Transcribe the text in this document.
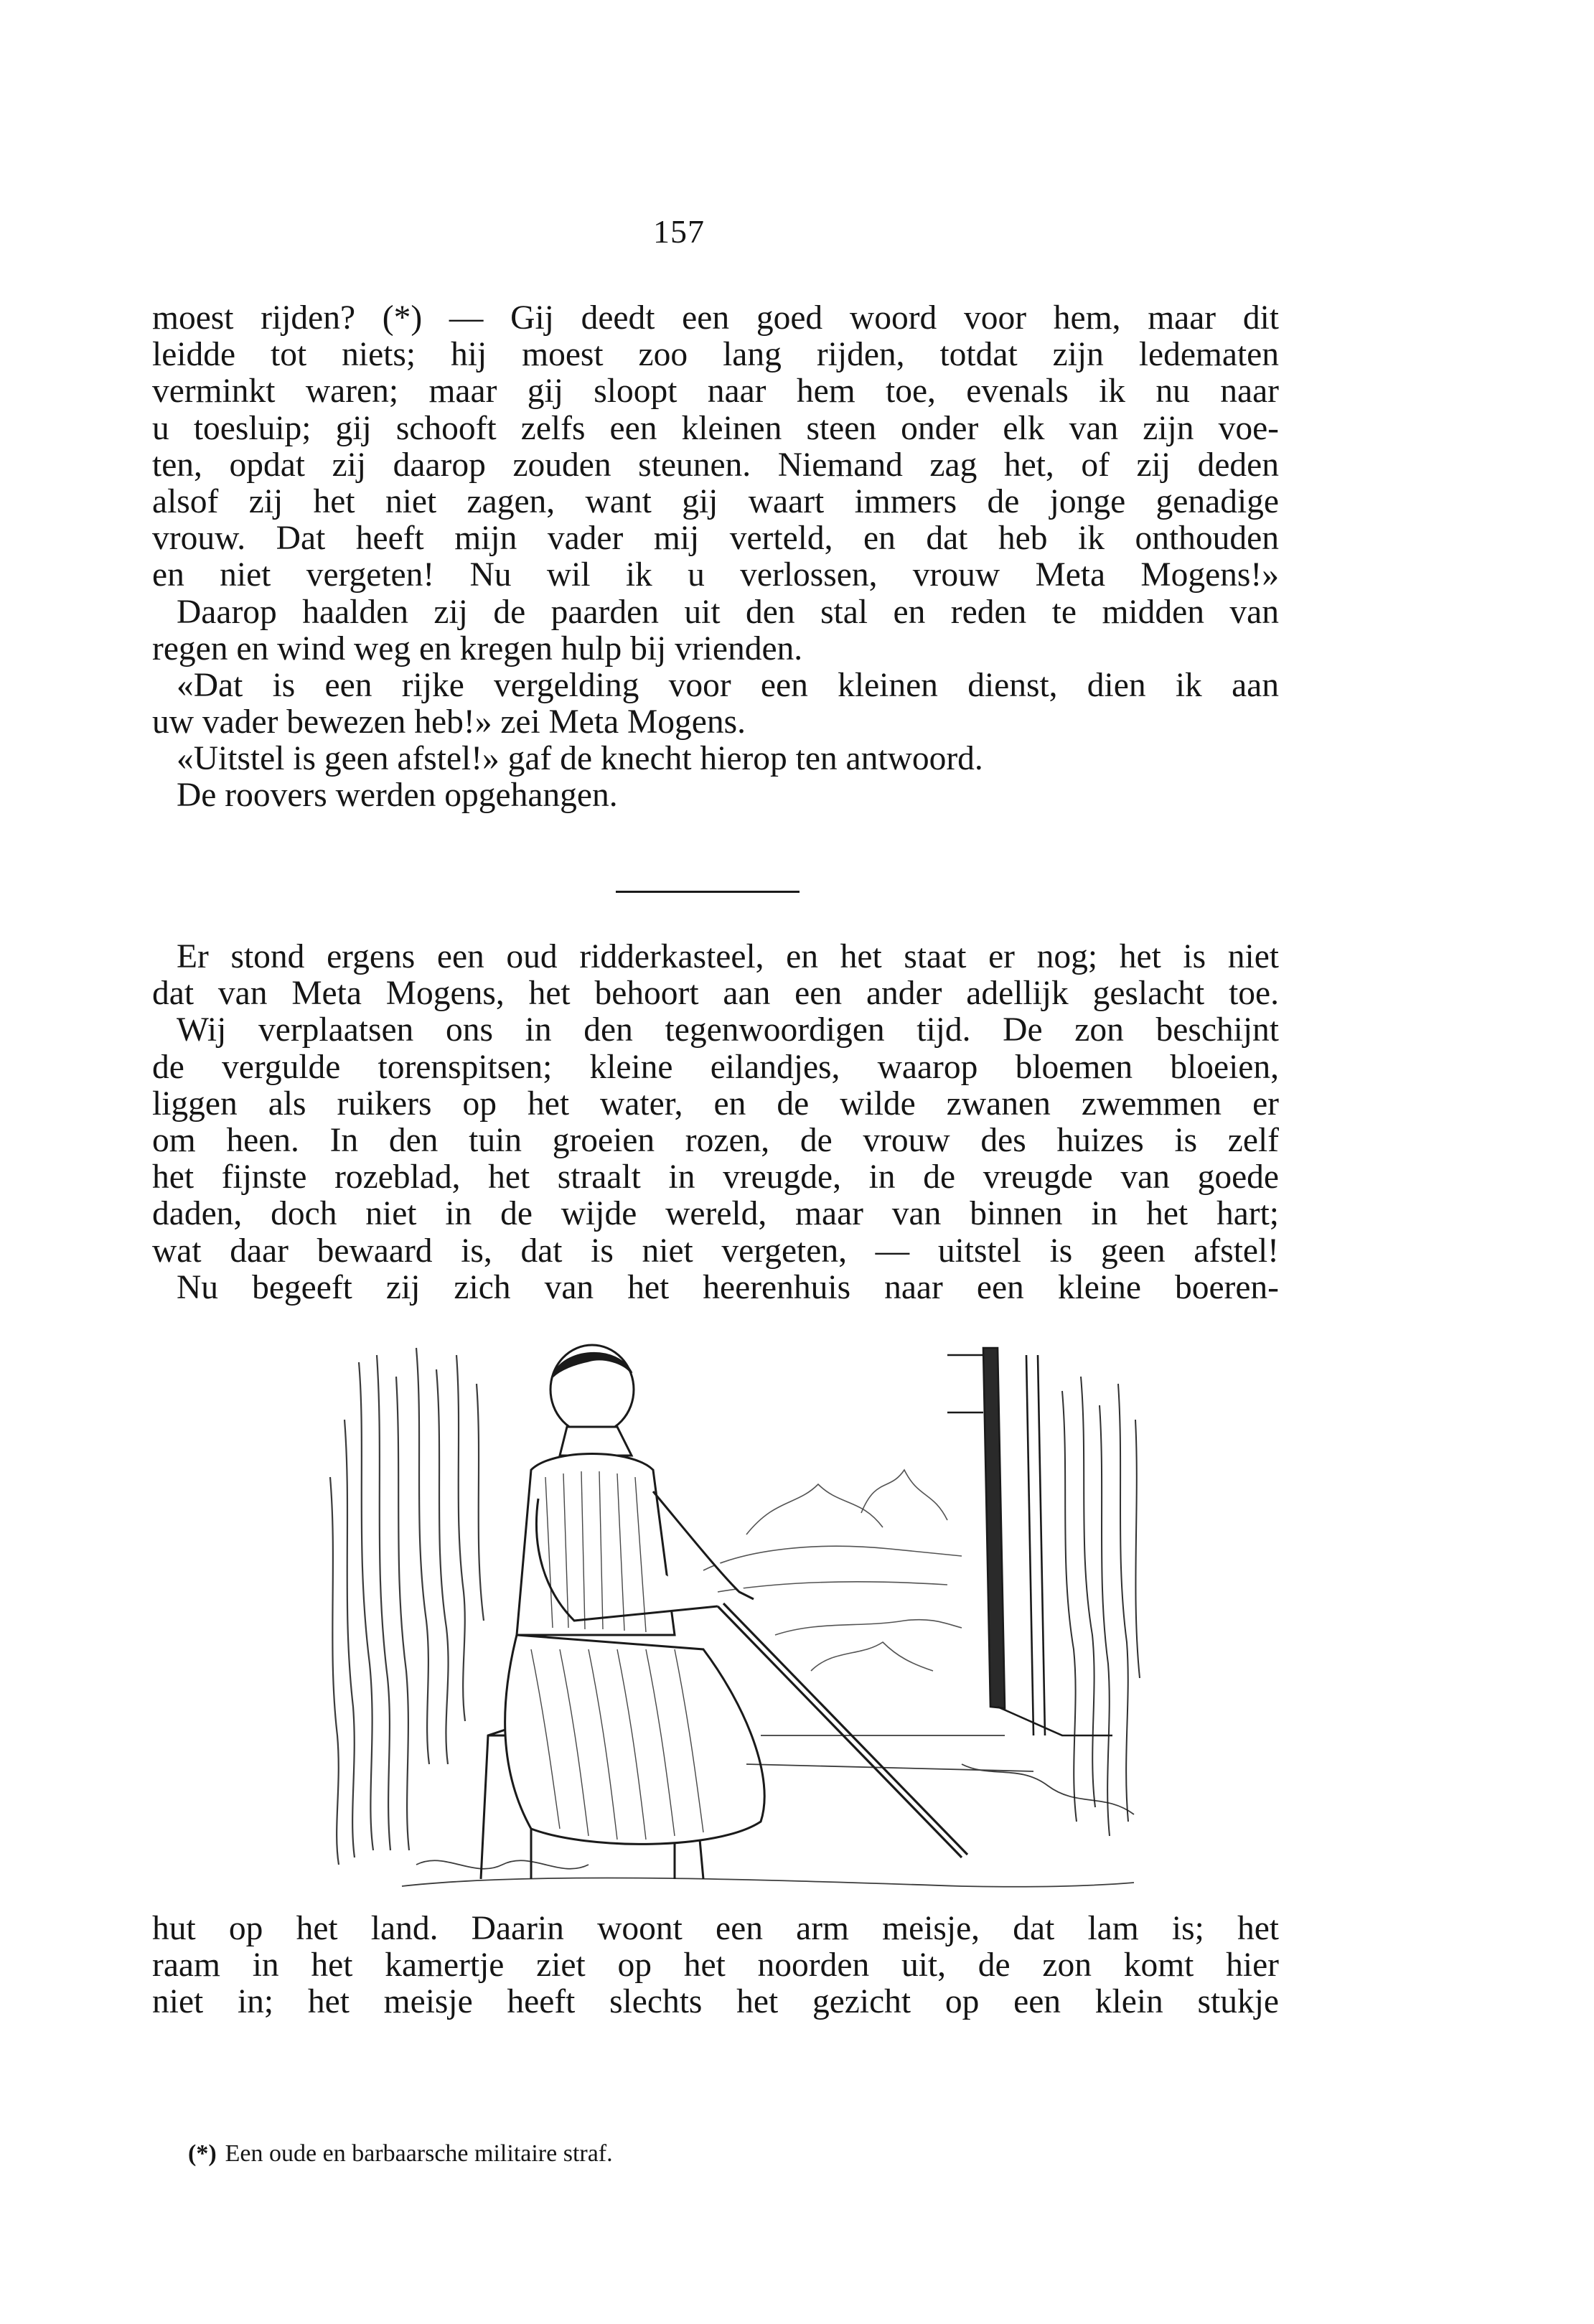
157
moest rijden? (*) — Gij deedt een goed woord voor hem, maar dit
leidde tot niets; hij moest zoo lang rijden, totdat zijn ledematen
verminkt waren; maar gij sloopt naar hem toe, evenals ik nu naar
u toesluip; gij schooft zelfs een kleinen steen onder elk van zijn voe-
ten, opdat zij daarop zouden steunen. Niemand zag het, of zij deden
alsof zij het niet zagen, want gij waart immers de jonge genadige
vrouw. Dat heeft mijn vader mij verteld, en dat heb ik onthouden
en niet vergeten! Nu wil ik u verlossen, vrouw Meta Mogens!»
Daarop haalden zij de paarden uit den stal en reden te midden van
regen en wind weg en kregen hulp bij vrienden.
«Dat is een rijke vergelding voor een kleinen dienst, dien ik aan
uw vader bewezen heb!» zei Meta Mogens.
«Uitstel is geen afstel!» gaf de knecht hierop ten antwoord.
De roovers werden opgehangen.
Er stond ergens een oud ridderkasteel, en het staat er nog; het is niet
dat van Meta Mogens, het behoort aan een ander adellijk geslacht toe.
Wij verplaatsen ons in den tegenwoordigen tijd. De zon beschijnt
de vergulde torenspitsen; kleine eilandjes, waarop bloemen bloeien,
liggen als ruikers op het water, en de wilde zwanen zwemmen er
om heen. In den tuin groeien rozen, de vrouw des huizes is zelf
het fijnste rozeblad, het straalt in vreugde, in de vreugde van goede
daden, doch niet in de wijde wereld, maar van binnen in het hart;
wat daar bewaard is, dat is niet vergeten, — uitstel is geen afstel!
Nu begeeft zij zich van het heerenhuis naar een kleine boeren-
hut op het land. Daarin woont een arm meisje, dat lam is; het
raam in het kamertje ziet op het noorden uit, de zon komt hier
niet in; het meisje heeft slechts het gezicht op een klein stukje
(*) Een oude en barbaarsche militaire straf.
